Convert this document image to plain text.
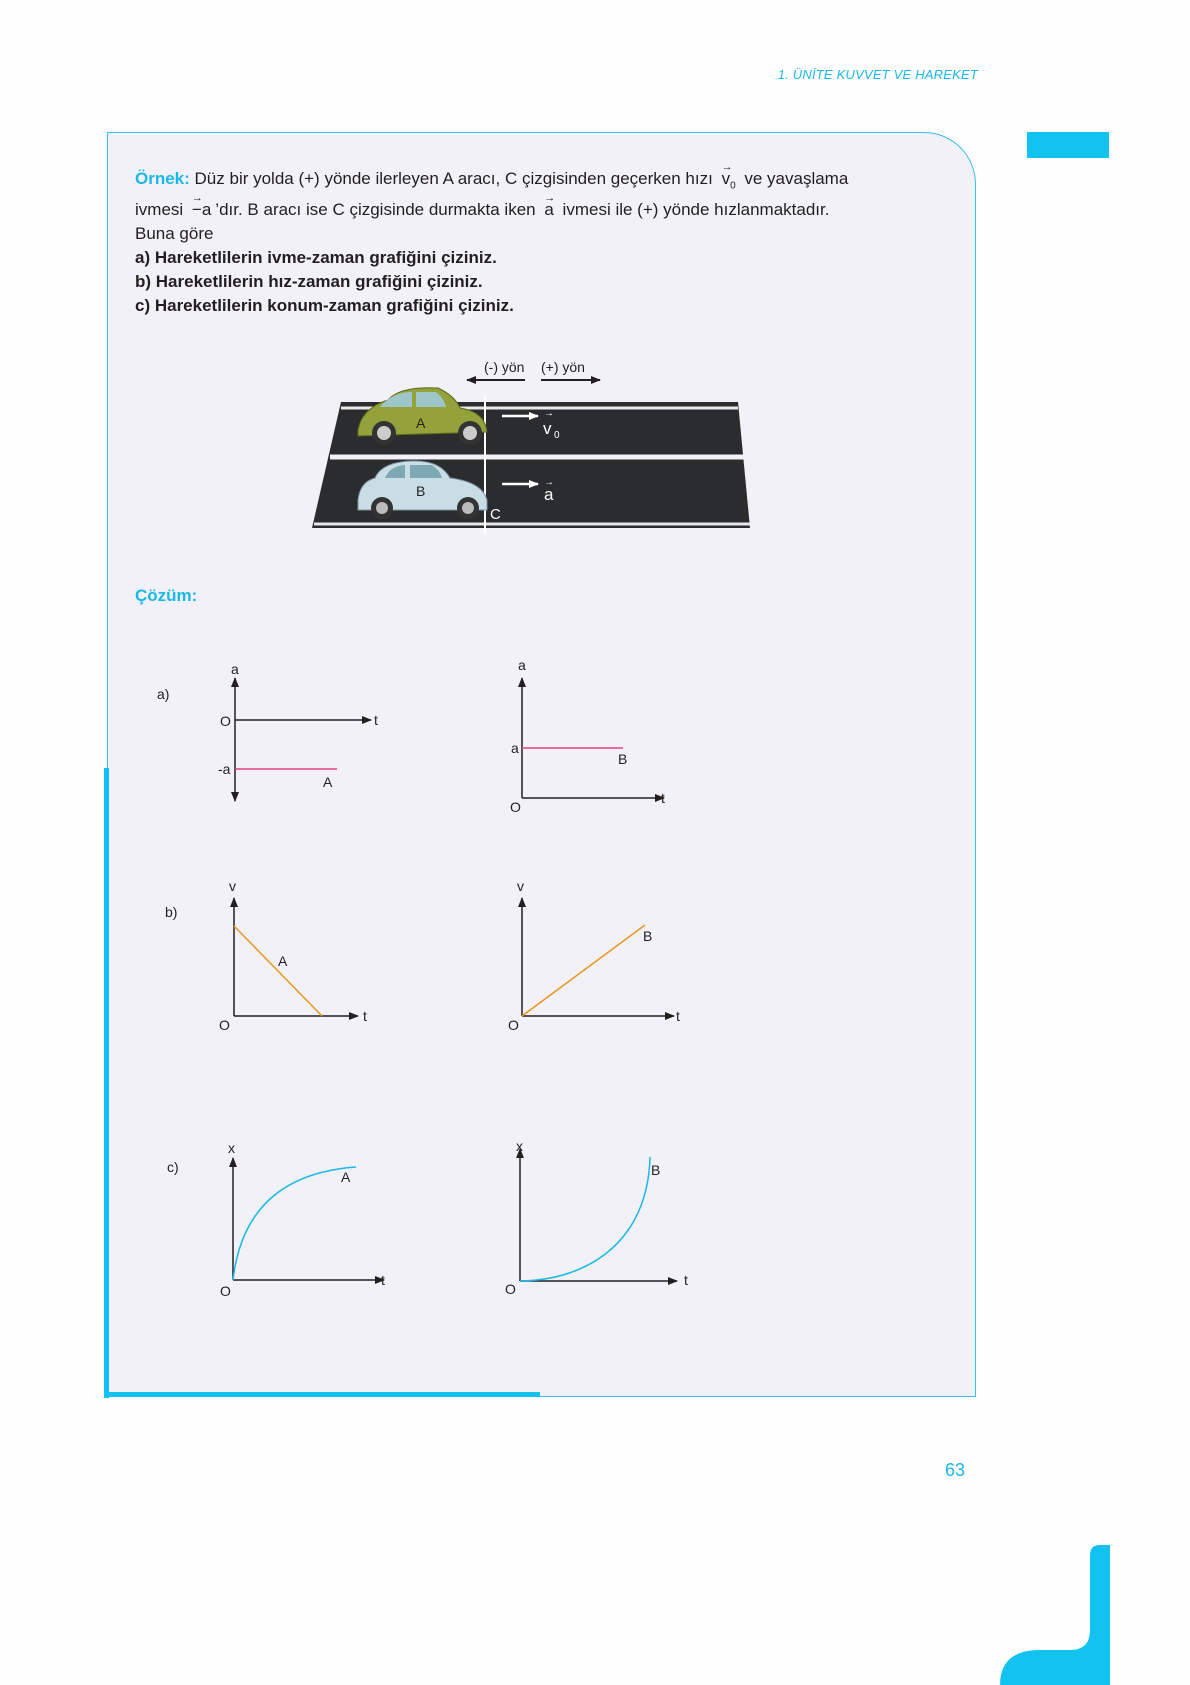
1. ÜNİTE KUVVET VE HAREKET
Örnek: Düz bir yolda (+) yönde ilerleyen A aracı, C çizgisinden geçerken hızı → $v_0$ ve yavaşlama
ivmesi → −a ’dır. B aracı ise C çizgisinde durmakta iken → a ivmesi ile (+) yönde hızlanmaktadır.
Buna göre
a) Hareketlilerin ivme-zaman grafiğini çiziniz.
b) Hareketlilerin hız-zaman grafiğini çiziniz.
c) Hareketlilerin konum-zaman grafiğini çiziniz.
Çözüm:
(-) yön (+) yön
A
B
v 0
→
a
→
C
a)
a
O	t
-a
A
a
a
B
O
t
b)
v
A
O
t
v
B
O
t
c)
x
A
O
t
x
B
O
t
63
